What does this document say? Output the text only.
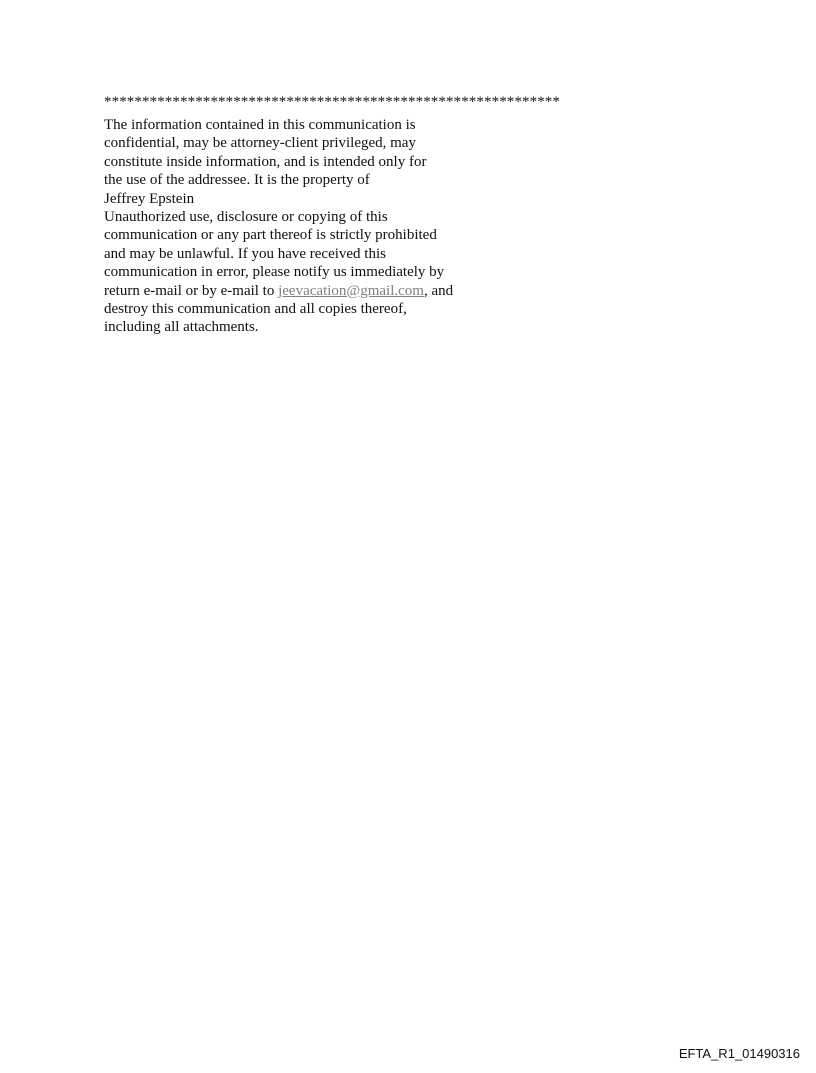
************************************************************

The information contained in this communication is
confidential, may be attorney-client privileged, may
constitute inside information, and is intended only for
the use of the addressee. It is the property of
Jeffrey Epstein
Unauthorized use, disclosure or copying of this
communication or any part thereof is strictly prohibited
and may be unlawful. If you have received this
communication in error, please notify us immediately by
return e-mail or by e-mail to jeevacation@gmail.com, and
destroy this communication and all copies thereof,
including all attachments.

EFTA_R1_01490316
